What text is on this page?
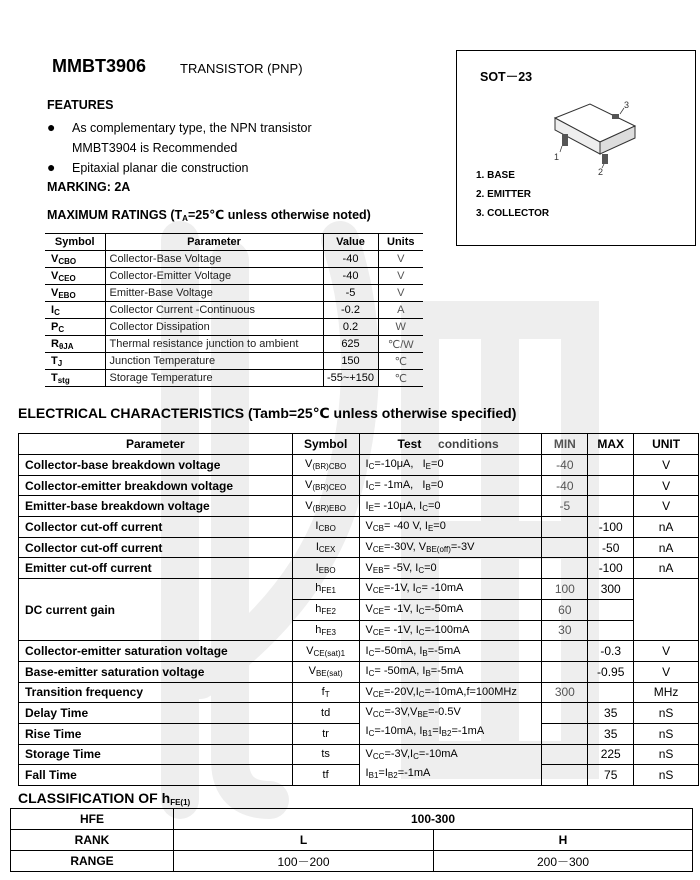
MMBT3906	TRANSISTOR (PNP)
FEATURES
● As complementary type, the NPN transistor
MMBT3904 is Recommended
● Epitaxial planar die construction
MARKING: 2A
MAXIMUM RATINGS ($T_A=25℃$ unless otherwise noted)
Symbol	Parameter	Value	Units
$V_{CBO}$	Collector-Base Voltage	-40	V
$V_{CEO}$	Collector-Emitter Voltage	-40	V
$V_{EBO}$	Emitter-Base Voltage	-5	V
$I_C$	Collector Current -Continuous	-0.2	A
$P_C$	Collector Dissipation	0.2	W
$R_{\theta JA}$	Thermal resistance junction to ambient	625	℃/W
$T_J$	Junction Temperature	150	℃
$T_{stg}$	Storage Temperature	-55~+150	℃
SOT－23
1
2
3
1. BASE
2. EMITTER
3. COLLECTOR
ELECTRICAL CHARACTERISTICS (Tamb=25℃ unless otherwise specified)
Parameter	Symbol	Test conditions	MIN	MAX	UNIT
Collector-base breakdown voltage	$V_{(BR)CBO}$	$I_C=-10\mu A$,   $I_E=0$	-40		V
Collector-emitter breakdown voltage	$V_{(BR)CEO}$	$I_C= -1mA$,   $I_B=0$	-40		V
Emitter-base breakdown voltage	$V_{(BR)EBO}$	$I_E= -10\mu A$, $I_C=0$	-5		V
Collector cut-off current	$I_{CBO}$	$V_{CB}= -40$ V, $I_E=0$		-100	nA
Collector cut-off current	$I_{CEX}$	$V_{CE}=-30V$, $V_{BE(off)}=-3V$		-50	nA
Emitter cut-off current	$I_{EBO}$	$V_{EB}= -5V$, $I_C=0$		-100	nA
DC current gain	$h_{FE1}$	$V_{CE}=-1V$, $I_C= -10mA$	100	300	
	$h_{FE2}$	$V_{CE}= -1V$, $I_C=-50mA$	60		
	$h_{FE3}$	$V_{CE}= -1V$, $I_C=-100mA$	30		
Collector-emitter saturation voltage	$V_{CE(sat)1}$	$I_C=-50mA$, $I_B=-5mA$		-0.3	V
Base-emitter saturation voltage	$V_{BE(sat)}$	$I_C= -50mA$, $I_B=-5mA$		-0.95	V
Transition frequency	$f_T$	$V_{CE}=-20V,I_C=-10mA,f=100MHz$	300		MHz
Delay Time	td	$V_{CC}=-3V,V_{BE}=-0.5V$
$I_C=-10mA$, $I_{B1}=I_{B2}=-1mA$		35	nS
Rise Time	tr			35	nS
Storage Time	ts	$V_{CC}=-3V,I_C=-10mA$
$I_{B1}=I_{B2}=-1mA$		225	nS
Fall Time	tf			75	nS
CLASSIFICATION OF $h_{FE(1)}$
HFE	100-300	
RANK	L	H
RANGE	100－200	200－300
